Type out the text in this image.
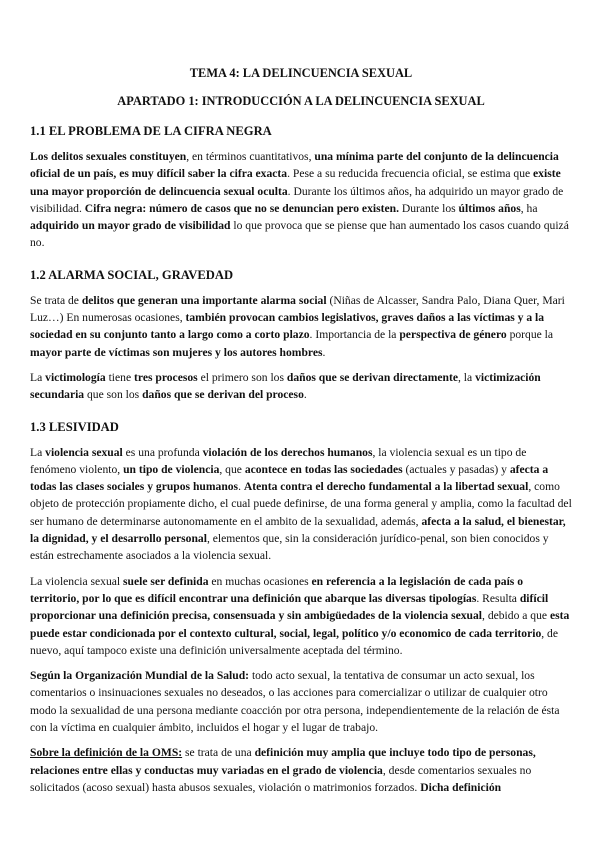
TEMA 4: LA DELINCUENCIA SEXUAL
APARTADO 1: INTRODUCCIÓN A LA DELINCUENCIA SEXUAL
1.1 EL PROBLEMA DE LA CIFRA NEGRA

Los delitos sexuales constituyen, en términos cuantitativos, una mínima parte del conjunto de la delincuencia oficial de un país, es muy difícil saber la cifra exacta. Pese a su reducida frecuencia oficial, se estima que existe una mayor proporción de delincuencia sexual oculta. Durante los últimos años, ha adquirido un mayor grado de visibilidad. Cifra negra: número de casos que no se denuncian pero existen. Durante los últimos años, ha adquirido un mayor grado de visibilidad lo que provoca que se piense que han aumentado los casos cuando quizá no.

1.2 ALARMA SOCIAL, GRAVEDAD

Se trata de delitos que generan una importante alarma social (Niñas de Alcasser, Sandra Palo, Diana Quer, Mari Luz…) En numerosas ocasiones, también provocan cambios legislativos, graves daños a las víctimas y a la sociedad en su conjunto tanto a largo como a corto plazo. Importancia de la perspectiva de género porque la mayor parte de víctimas son mujeres y los autores hombres.

La victimología tiene tres procesos el primero son los daños que se derivan directamente, la victimización secundaria que son los daños que se derivan del proceso.

1.3 LESIVIDAD

La violencia sexual es una profunda violación de los derechos humanos, la violencia sexual es un tipo de fenómeno violento, un tipo de violencia, que acontece en todas las sociedades (actuales y pasadas) y afecta a todas las clases sociales y grupos humanos. Atenta contra el derecho fundamental a la libertad sexual, como objeto de protección propiamente dicho, el cual puede definirse, de una forma general y amplia, como la facultad del ser humano de determinarse autonomamente en el ambito de la sexualidad, además, afecta a la salud, el bienestar, la dignidad, y el desarrollo personal, elementos que, sin la consideración jurídico-penal, son bien conocidos y están estrechamente asociados a la violencia sexual.

La violencia sexual suele ser definida en muchas ocasiones en referencia a la legislación de cada país o territorio, por lo que es difícil encontrar una definición que abarque las diversas tipologías. Resulta difícil proporcionar una definición precisa, consensuada y sin ambigüedades de la violencia sexual, debido a que esta puede estar condicionada por el contexto cultural, social, legal, político y/o economico de cada territorio, de nuevo, aquí tampoco existe una definición universalmente aceptada del término.

Según la Organización Mundial de la Salud: todo acto sexual, la tentativa de consumar un acto sexual, los comentarios o insinuaciones sexuales no deseados, o las acciones para comercializar o utilizar de cualquier otro modo la sexualidad de una persona mediante coacción por otra persona, independientemente de la relación de ésta con la víctima en cualquier ámbito, incluidos el hogar y el lugar de trabajo.

Sobre la definición de la OMS: se trata de una definición muy amplia que incluye todo tipo de personas, relaciones entre ellas y conductas muy variadas en el grado de violencia, desde comentarios sexuales no solicitados (acoso sexual) hasta abusos sexuales, violación o matrimonios forzados. Dicha definición
